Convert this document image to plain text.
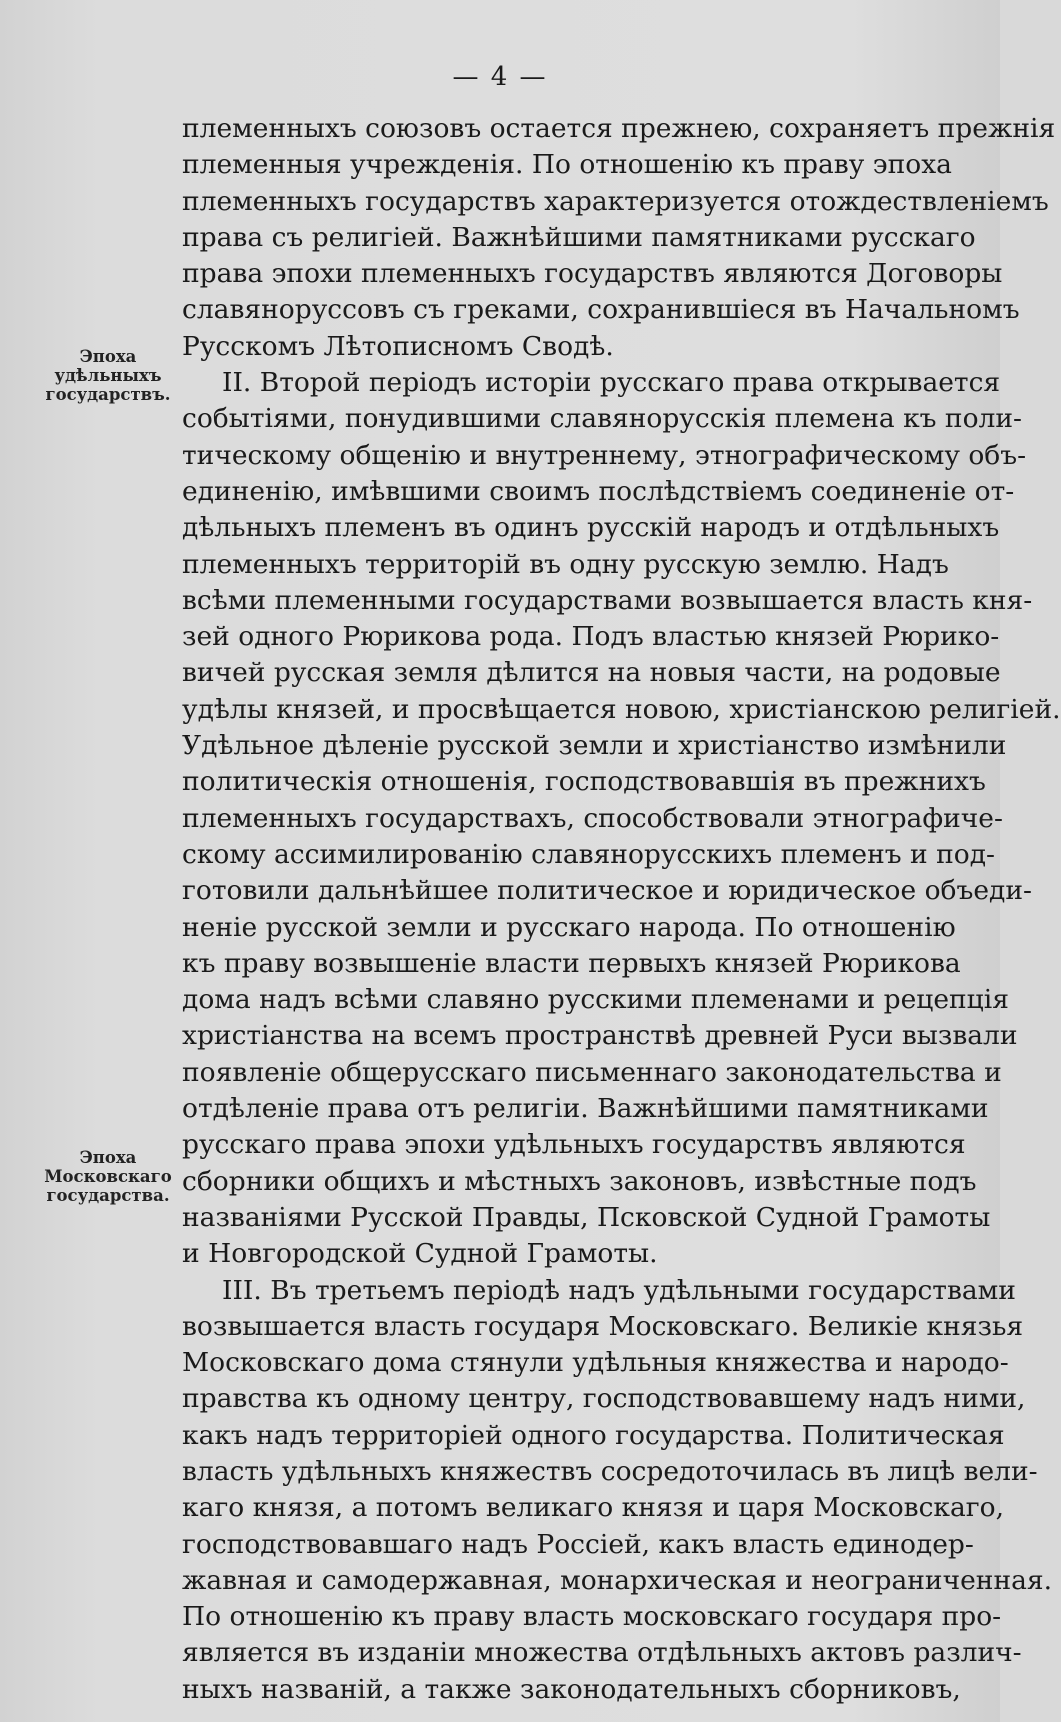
— 4 —
Эпоха удѣльныхъ государствъ.
Эпоха Московскаго государства.
племенныхъ союзовъ остается прежнею, сохраняетъ прежнія
племенныя учрежденія. По отношенію къ праву эпоха
племенныхъ государствъ характеризуется отождествленіемъ
права съ религіей. Важнѣйшими памятниками русскаго
права эпохи племенныхъ государствъ являются Договоры
славянорусcовъ съ греками, сохранившіеся въ Начальномъ
Русскомъ Лѣтописномъ Сводѣ.
II. Второй періодъ исторіи русскаго права открывается
событіями, понудившими славянорусскія племена къ поли-
тическому общенію и внутреннему, этнографическому объ-
единенію, имѣвшими своимъ послѣдствіемъ соединеніе от-
дѣльныхъ племенъ въ одинъ русскій народъ и отдѣльныхъ
племенныхъ территорій въ одну русскую землю. Надъ
всѣми племенными государствами возвышается власть кня-
зей одного Рюрикова рода. Подъ властью князей Рюрико-
вичей русская земля дѣлится на новыя части, на родовые
удѣлы князей, и просвѣщается новою, христіанскою религіей.
Удѣльное дѣленіе русской земли и христіанство измѣнили
политическія отношенія, господствовавшія въ прежнихъ
племенныхъ государствахъ, способствовали этнографиче-
скому ассимилированію славянорусскихъ племенъ и под-
готовили дальнѣйшее политическое и юридическое объеди-
неніе русской земли и русскаго народа. По отношенію
къ праву возвышеніе власти первыхъ князей Рюрикова
дома надъ всѣми славяно русскими племенами и рецепція
христіанства на всемъ пространствѣ древней Руси вызвали
появленіе общерусскаго письменнаго законодательства и
отдѣленіе права отъ религіи. Важнѣйшими памятниками
русскаго права эпохи удѣльныхъ государствъ являются
сборники общихъ и мѣстныхъ законовъ, извѣстные подъ
названіями Русской Правды, Псковской Судной Грамоты
и Новгородской Судной Грамоты.
III. Въ третьемъ періодѣ надъ удѣльными государствами
возвышается власть государя Московскаго. Великіе князья
Московскаго дома стянули удѣльныя княжества и народо-
правства къ одному центру, господствовавшему надъ ними,
какъ надъ территоріей одного государства. Политическая
власть удѣльныхъ княжествъ сосредоточилась въ лицѣ вели-
каго князя, а потомъ великаго князя и царя Московскаго,
господствовавшаго надъ Россіей, какъ власть единодер-
жавная и самодержавная, монархическая и неограниченная.
По отношенію къ праву власть московскаго государя про-
является въ изданіи множества отдѣльныхъ актовъ различ-
ныхъ названій, а также законодательныхъ сборниковъ,
